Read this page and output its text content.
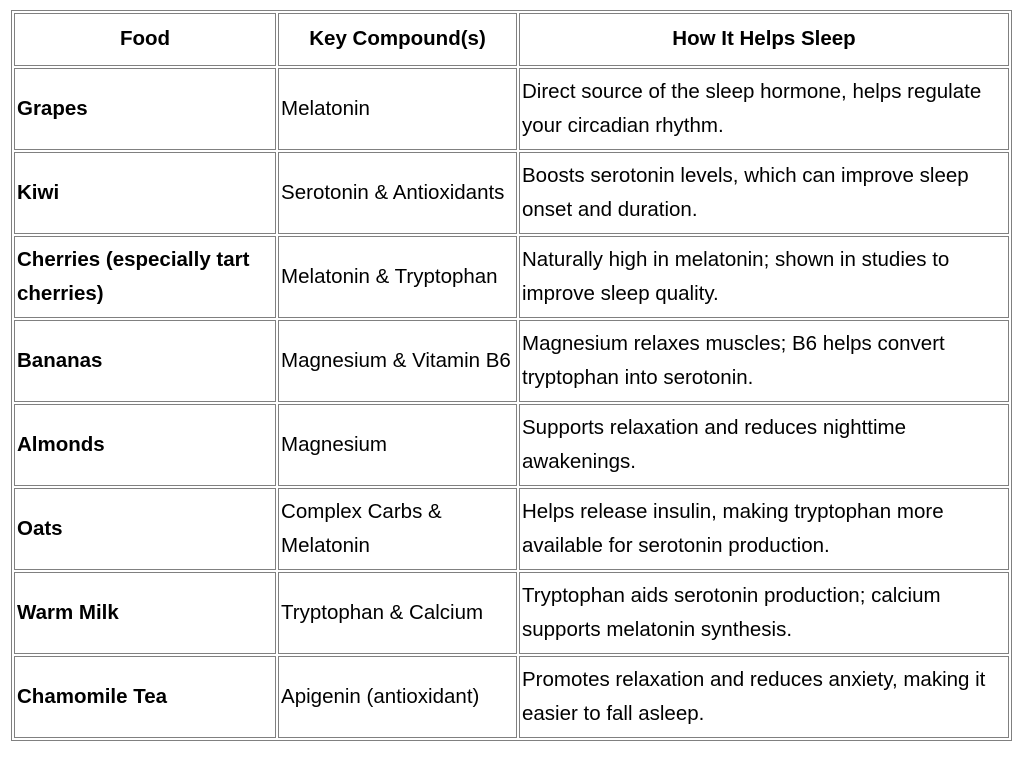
Food	Key Compound(s)	How It Helps Sleep
Grapes	Melatonin	Direct source of the sleep hormone, helps regulate your circadian rhythm.
Kiwi	Serotonin & Antioxidants	Boosts serotonin levels, which can improve sleep onset and duration.
Cherries (especially tart cherries)	Melatonin & Tryptophan	Naturally high in melatonin; shown in studies to improve sleep quality.
Bananas	Magnesium & Vitamin B6	Magnesium relaxes muscles; B6 helps convert tryptophan into serotonin.
Almonds	Magnesium	Supports relaxation and reduces nighttime awakenings.
Oats	Complex Carbs & Melatonin	Helps release insulin, making tryptophan more available for serotonin production.
Warm Milk	Tryptophan & Calcium	Tryptophan aids serotonin production; calcium supports melatonin synthesis.
Chamomile Tea	Apigenin (antioxidant)	Promotes relaxation and reduces anxiety, making it easier to fall asleep.
